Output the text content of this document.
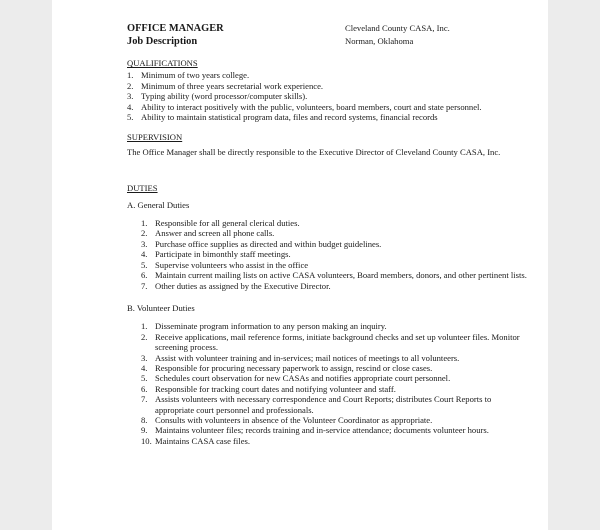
OFFICE MANAGER
Job Description
Cleveland County CASA, Inc.
Norman, Oklahoma
QUALIFICATIONS
1. Minimum of two years college.
2. Minimum of three years secretarial work experience.
3. Typing ability (word processor/computer skills).
4. Ability to interact positively with the public, volunteers, board members, court and state personnel.
5. Ability to maintain statistical program data, files and record systems, financial records
SUPERVISION
The Office Manager shall be directly responsible to the Executive Director of Cleveland County CASA, Inc.
DUTIES
A. General Duties
1. Responsible for all general clerical duties.
2. Answer and screen all phone calls.
3. Purchase office supplies as directed and within budget guidelines.
4. Participate in bimonthly staff meetings.
5. Supervise volunteers who assist in the office
6. Maintain current mailing lists on active CASA volunteers, Board members, donors, and other pertinent lists.
7. Other duties as assigned by the Executive Director.
B. Volunteer Duties
1. Disseminate program information to any person making an inquiry.
2. Receive applications, mail reference forms, initiate background checks and set up volunteer files. Monitor screening process.
3. Assist with volunteer training and in-services; mail notices of meetings to all volunteers.
4. Responsible for procuring necessary paperwork to assign, rescind or close cases.
5. Schedules court observation for new CASAs and notifies appropriate court personnel.
6. Responsible for tracking court dates and notifying volunteer and staff.
7. Assists volunteers with necessary correspondence and Court Reports; distributes Court Reports to appropriate court personnel and professionals.
8. Consults with volunteers in absence of the Volunteer Coordinator as appropriate.
9. Maintains volunteer files; records training and in-service attendance; documents volunteer hours.
10. Maintains CASA case files.
